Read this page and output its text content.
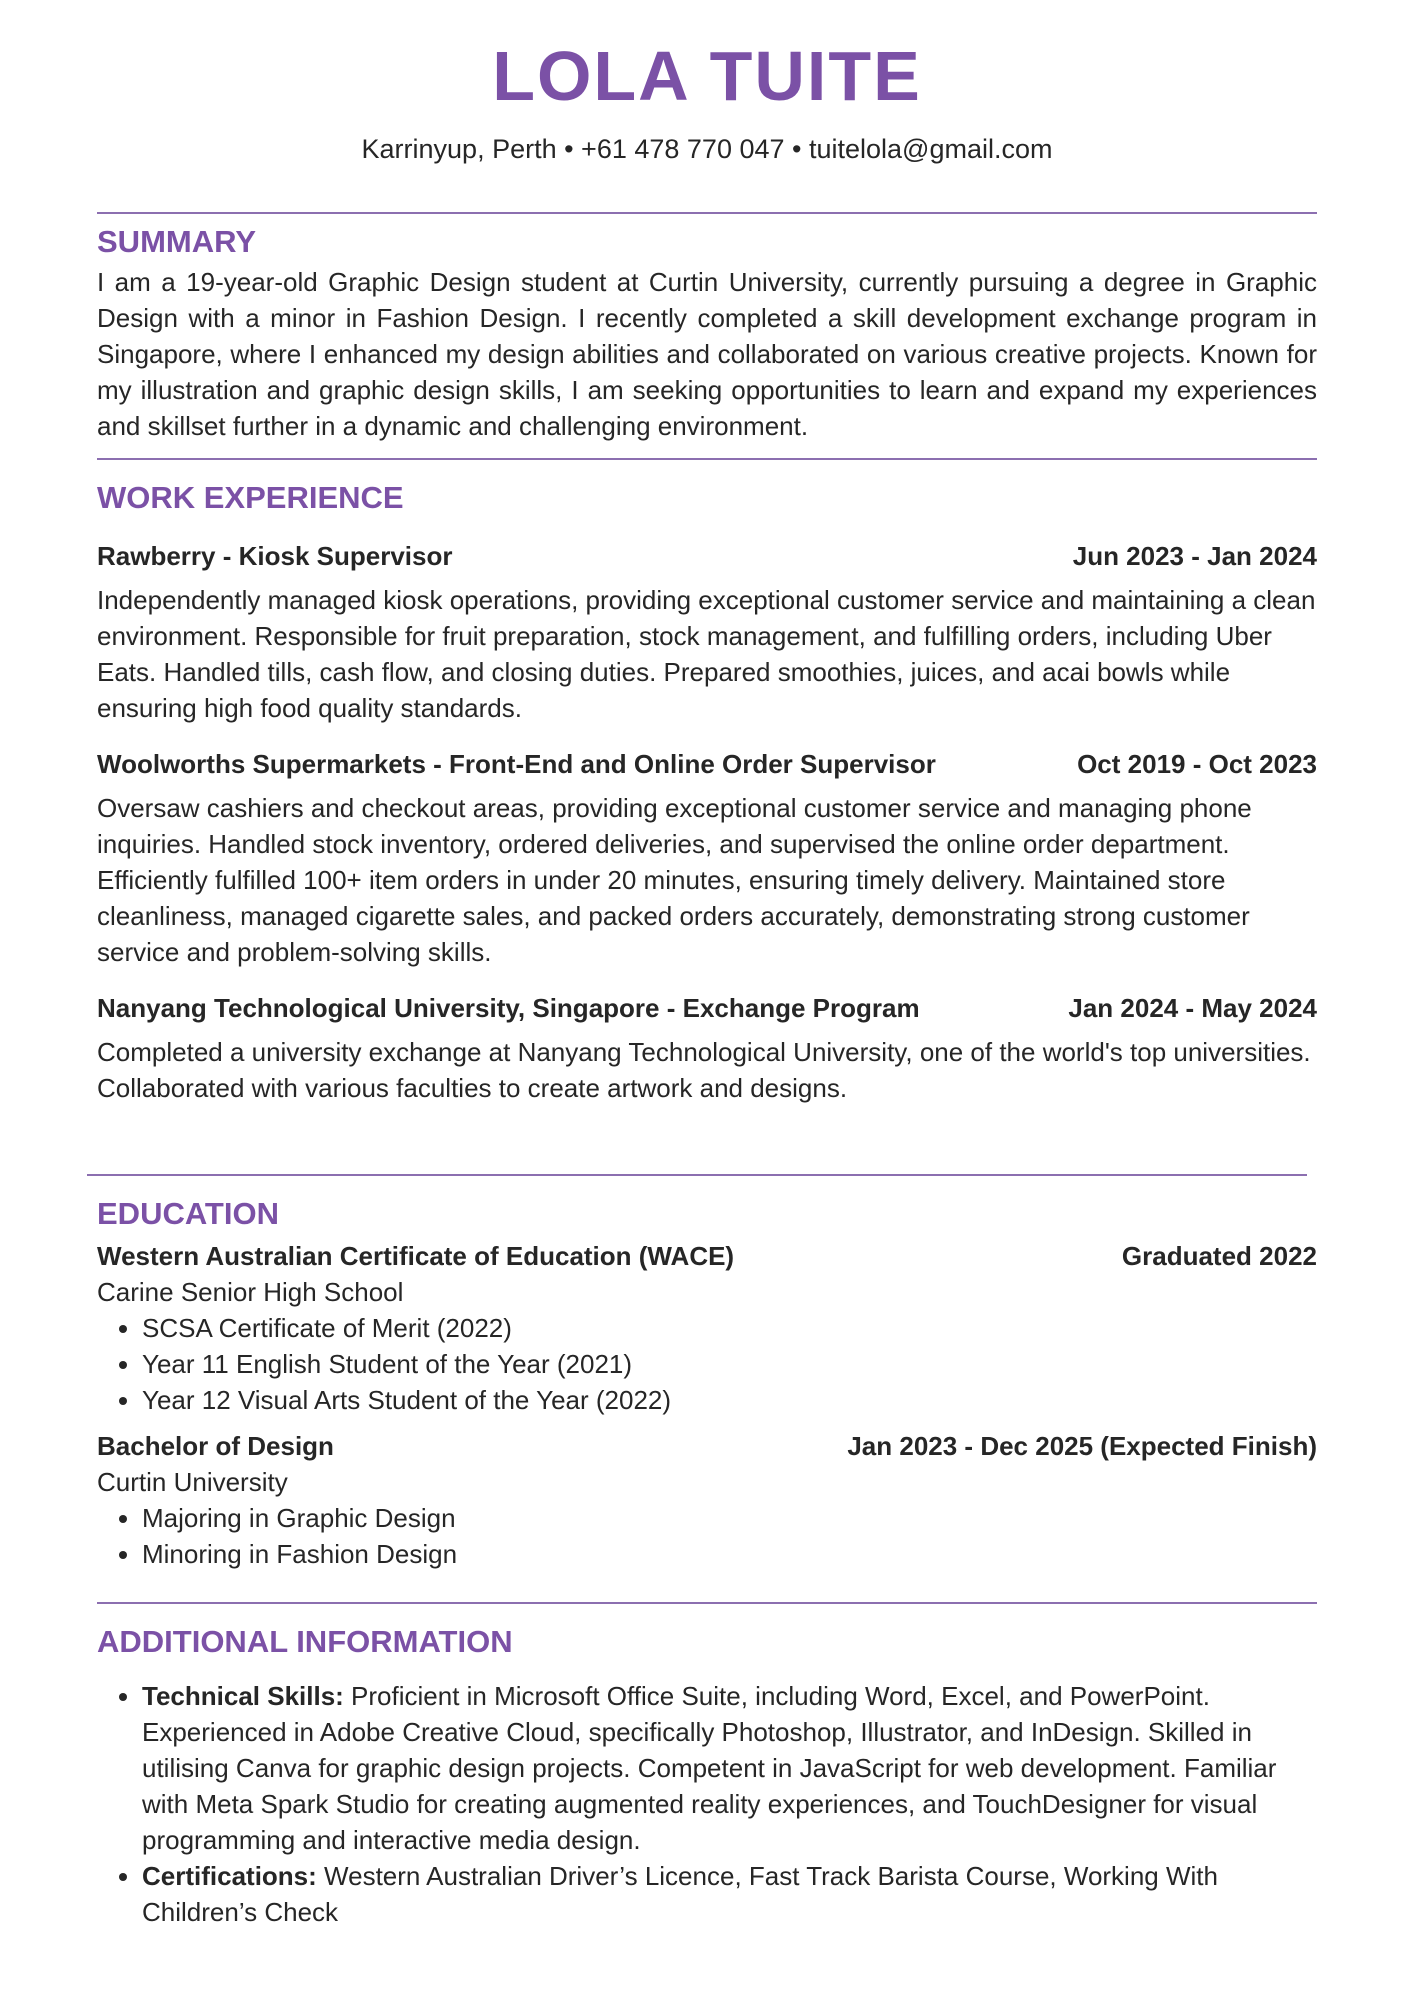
LOLA TUITE
Karrinyup, Perth • +61 478 770 047 • tuitelola@gmail.com
SUMMARY

I am a 19-year-old Graphic Design student at Curtin University, currently pursuing a degree in Graphic Design with a minor in Fashion Design. I recently completed a skill development exchange program in Singapore, where I enhanced my design abilities and collaborated on various creative projects. Known for my illustration and graphic design skills, I am seeking opportunities to learn and expand my experiences and skillset further in a dynamic and challenging environment.

WORK EXPERIENCE
Rawberry - Kiosk Supervisor	Jun 2023 - Jan 2024

Independently managed kiosk operations, providing exceptional customer service and maintaining a clean environment. Responsible for fruit preparation, stock management, and fulfilling orders, including Uber Eats. Handled tills, cash flow, and closing duties. Prepared smoothies, juices, and acai bowls while ensuring high food quality standards.

Woolworths Supermarkets - Front-End and Online Order Supervisor	Oct 2019 - Oct 2023

Oversaw cashiers and checkout areas, providing exceptional customer service and managing phone inquiries. Handled stock inventory, ordered deliveries, and supervised the online order department. Efficiently fulfilled 100+ item orders in under 20 minutes, ensuring timely delivery. Maintained store cleanliness, managed cigarette sales, and packed orders accurately, demonstrating strong customer service and problem-solving skills.

Nanyang Technological University, Singapore - Exchange Program	Jan 2024 - May 2024

Completed a university exchange at Nanyang Technological University, one of the world's top universities. Collaborated with various faculties to create artwork and designs.

EDUCATION
Western Australian Certificate of Education (WACE)	Graduated 2022
Carine Senior High School
• SCSA Certificate of Merit (2022)
• Year 11 English Student of the Year (2021)
• Year 12 Visual Arts Student of the Year (2022)
Bachelor of Design	Jan 2023 - Dec 2025 (Expected Finish)
Curtin University
• Majoring in Graphic Design
• Minoring in Fashion Design
ADDITIONAL INFORMATION
• Technical Skills: Proficient in Microsoft Office Suite, including Word, Excel, and PowerPoint. Experienced in Adobe Creative Cloud, specifically Photoshop, Illustrator, and InDesign. Skilled in utilising Canva for graphic design projects. Competent in JavaScript for web development. Familiar with Meta Spark Studio for creating augmented reality experiences, and TouchDesigner for visual programming and interactive media design.
• Certifications: Western Australian Driver’s Licence, Fast Track Barista Course, Working With Children’s Check
